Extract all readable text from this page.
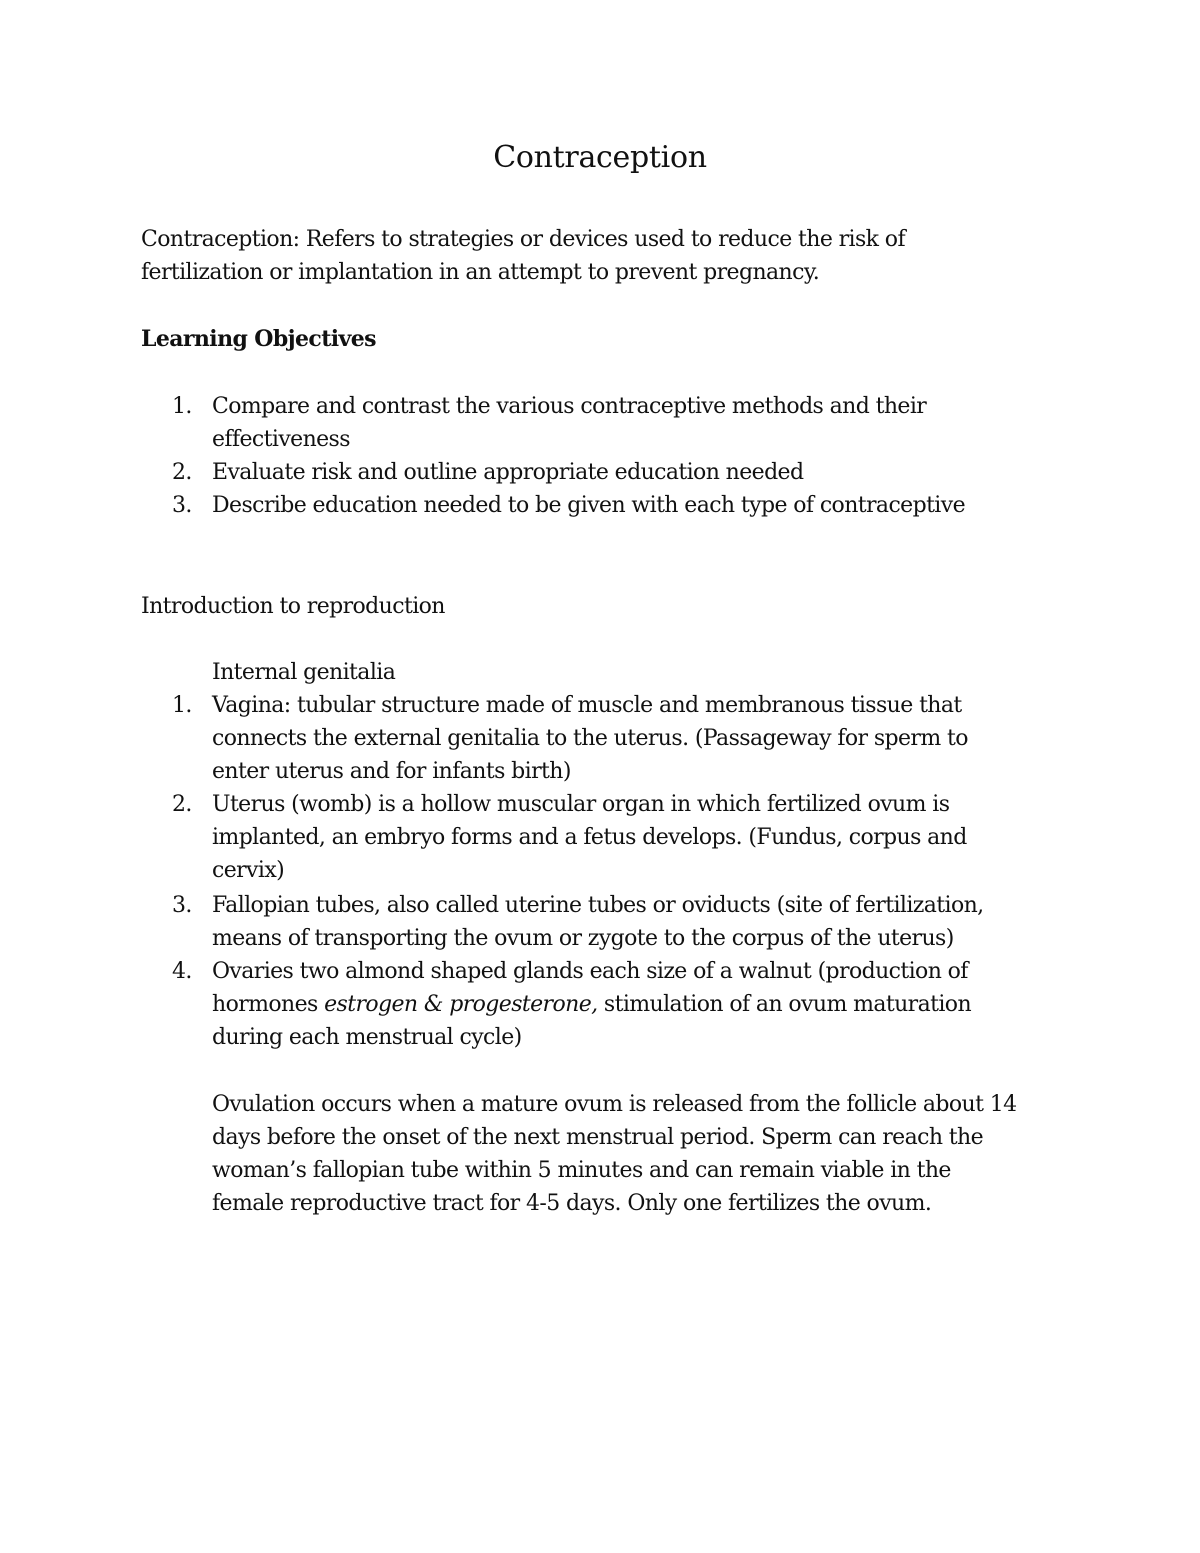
Contraception
Contraception: Refers to strategies or devices used to reduce the risk of
fertilization or implantation in an attempt to prevent pregnancy.
Learning Objectives
1. Compare and contrast the various contraceptive methods and their
effectiveness
2. Evaluate risk and outline appropriate education needed
3. Describe education needed to be given with each type of contraceptive
Introduction to reproduction
Internal genitalia
1. Vagina: tubular structure made of muscle and membranous tissue that
connects the external genitalia to the uterus. (Passageway for sperm to
enter uterus and for infants birth)
2. Uterus (womb) is a hollow muscular organ in which fertilized ovum is
implanted, an embryo forms and a fetus develops. (Fundus, corpus and
cervix)
3. Fallopian tubes, also called uterine tubes or oviducts (site of fertilization,
means of transporting the ovum or zygote to the corpus of the uterus)
4. Ovaries two almond shaped glands each size of a walnut (production of
hormones estrogen & progesterone, stimulation of an ovum maturation
during each menstrual cycle)
Ovulation occurs when a mature ovum is released from the follicle about 14
days before the onset of the next menstrual period. Sperm can reach the
woman’s fallopian tube within 5 minutes and can remain viable in the
female reproductive tract for 4-5 days. Only one fertilizes the ovum.
